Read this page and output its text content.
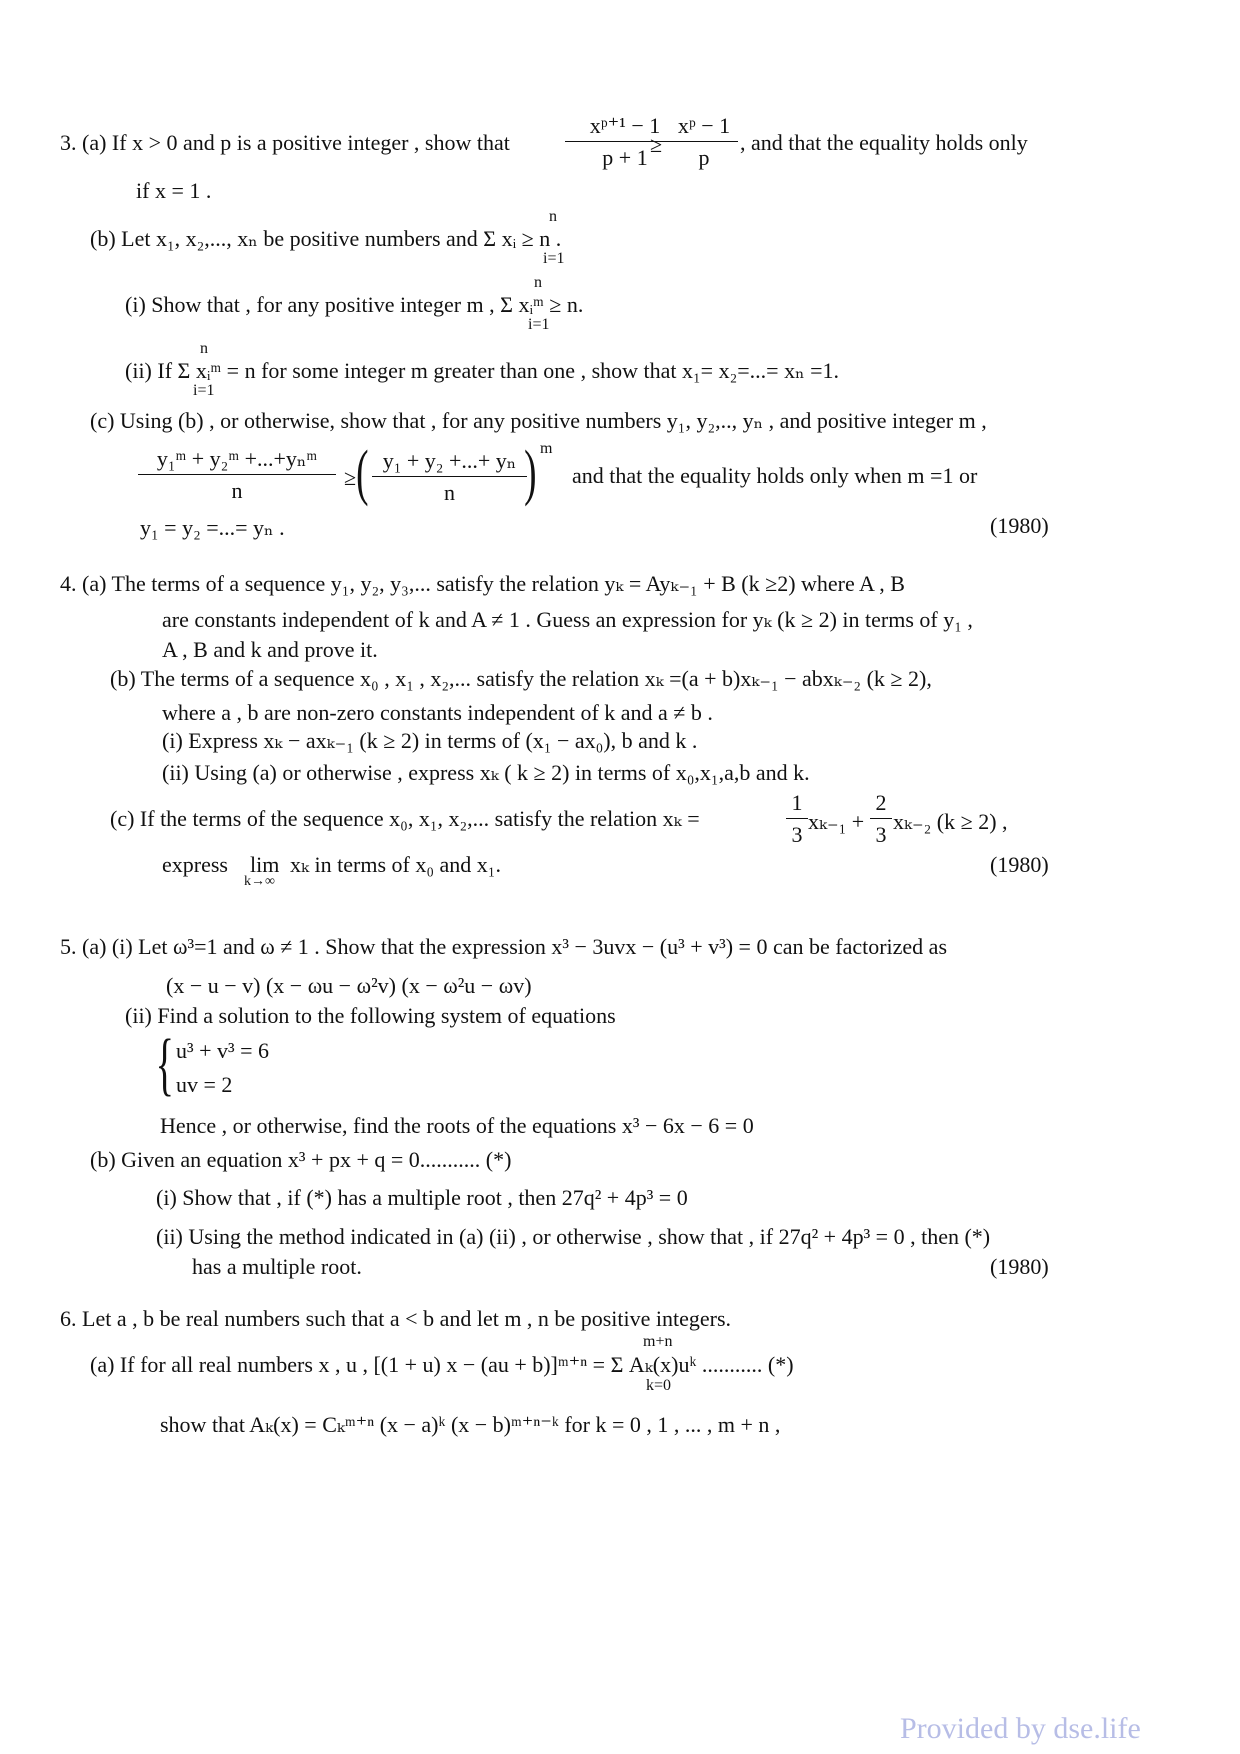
3. (a) If x > 0 and p is a positive integer , show that
xᵖ⁺¹ − 1
p + 1
≥
xᵖ − 1
p
, and that the equality holds only
if x = 1 .
n
(b) Let x₁, x₂,..., xₙ be positive numbers and Σ xᵢ ≥ n .
i=1
n
(i) Show that , for any positive integer m , Σ xᵢᵐ ≥ n.
i=1
n
(ii) If Σ xᵢᵐ = n for some integer m greater than one , show that x₁= x₂=...= xₙ =1.
i=1
(c) Using (b) , or otherwise, show that , for any positive numbers y₁, y₂,.., yₙ , and positive integer m ,
y₁ᵐ + y₂ᵐ +...+yₙᵐ
n
≥ ( y₁ + y₂ +...+ yₙ
n	) m
and that the equality holds only when m =1 or
y₁ = y₂ =...= yₙ .	(1980)
4. (a) The terms of a sequence y₁, y₂, y₃,... satisfy the relation yₖ = Ayₖ₋₁ + B (k ≥2) where A , B
are constants independent of k and A ≠ 1 . Guess an expression for yₖ (k ≥ 2) in terms of y₁ ,
A , B and k and prove it.
(b) The terms of a sequence x₀ , x₁ , x₂,... satisfy the relation xₖ =(a + b)xₖ₋₁ − abxₖ₋₂ (k ≥ 2),
where a , b are non-zero constants independent of k and a ≠ b .
(i) Express xₖ − axₖ₋₁ (k ≥ 2) in terms of (x₁ − ax₀), b and k .
(ii) Using (a) or otherwise , express xₖ ( k ≥ 2) in terms of x₀,x₁,a,b and k.
(c) If the terms of the sequence x₀, x₁, x₂,... satisfy the relation xₖ =
1
3
xₖ₋₁ +
2
3
xₖ₋₂ (k ≥ 2) ,
express lim
k→∞
xₖ in terms of x₀ and x₁.	(1980)
5. (a) (i) Let ω³=1 and ω ≠ 1 . Show that the expression x³ − 3uvx − (u³ + v³) = 0 can be factorized as
(x − u − v) (x − ωu − ω²v) (x − ω²u − ωv)
(ii) Find a solution to the following system of equations
{ u³ + v³ = 6
uv = 2
Hence , or otherwise, find the roots of the equations x³ − 6x − 6 = 0
(b) Given an equation x³ + px + q = 0........... (*)
(i) Show that , if (*) has a multiple root , then 27q² + 4p³ = 0
(ii) Using the method indicated in (a) (ii) , or otherwise , show that , if 27q² + 4p³ = 0 , then (*)
has a multiple root.	(1980)
6. Let a , b be real numbers such that a < b and let m , n be positive integers.
m+n
(a) If for all real numbers x , u , [(1 + u) x − (au + b)]ᵐ⁺ⁿ = Σ Aₖ(x)uᵏ ........... (*)
k=0
show that Aₖ(x) = Cₖᵐ⁺ⁿ (x − a)ᵏ (x − b)ᵐ⁺ⁿ⁻ᵏ for k = 0 , 1 , ... , m + n ,
Provided by dse.life
